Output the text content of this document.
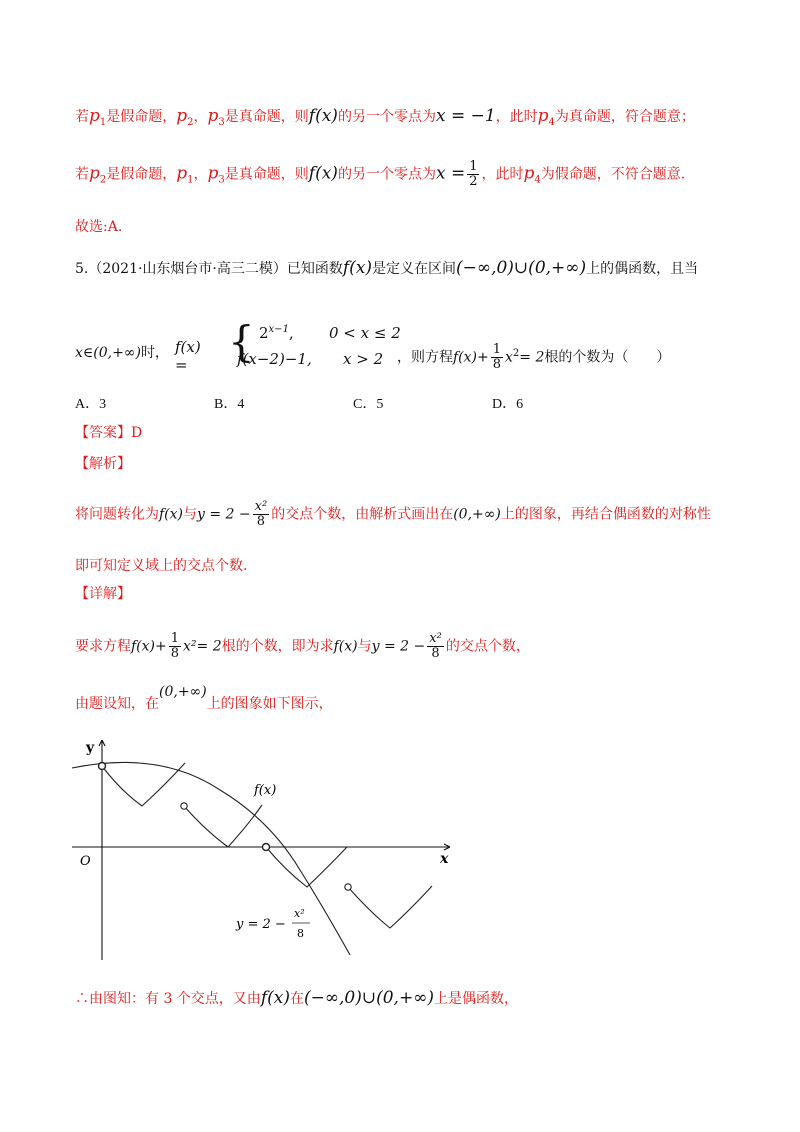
若$p_1$是假命题，$p_2$，$p_3$是真命题，则f(x)的另一个零点为x = −1，此时$p_4$为真命题，符合题意；
若$p_2$是假命题，$p_1$，$p_3$是真命题，则f(x)的另一个零点为$x = \frac{1}{2}$ ，此时$p_4$为假命题，不符合题意.
故选:A.
5.（2021·山东烟台市·高三二模）已知函数f(x)是定义在区间(−∞,0)∪(0,+∞)上的偶函数，且当
x∈(0,+∞)时， f(x) = { $2^{x-1}$, 0 < x ≤ 2
f(x−2)−1, x > 2 ，则方程$f(x)+ \frac{1}{8} x^2= 2$根的个数为（　　）
A．3	B．4	C．5	D．6
【答案】D
【解析】
将问题转化为f(x)与$y = 2 - \frac{\text{x²}}{8}$ 的交点个数，由解析式画出在(0,+∞)上的图象，再结合偶函数的对称性
即可知定义域上的交点个数.
【详解】
要求方程$f(x)+ \frac{1}{8} x^2= 2$根的个数，即为求f(x)与$y = 2 - \frac{\text{x²}}{8}$ 的交点个数，
由题设知，在(0,+∞)上的图象如下图示，
y
x
O
f(x)
y = 2 −
x²
8
∴由图知：有 3 个交点，又由f(x)在(−∞,0)∪(0,+∞)上是偶函数，
